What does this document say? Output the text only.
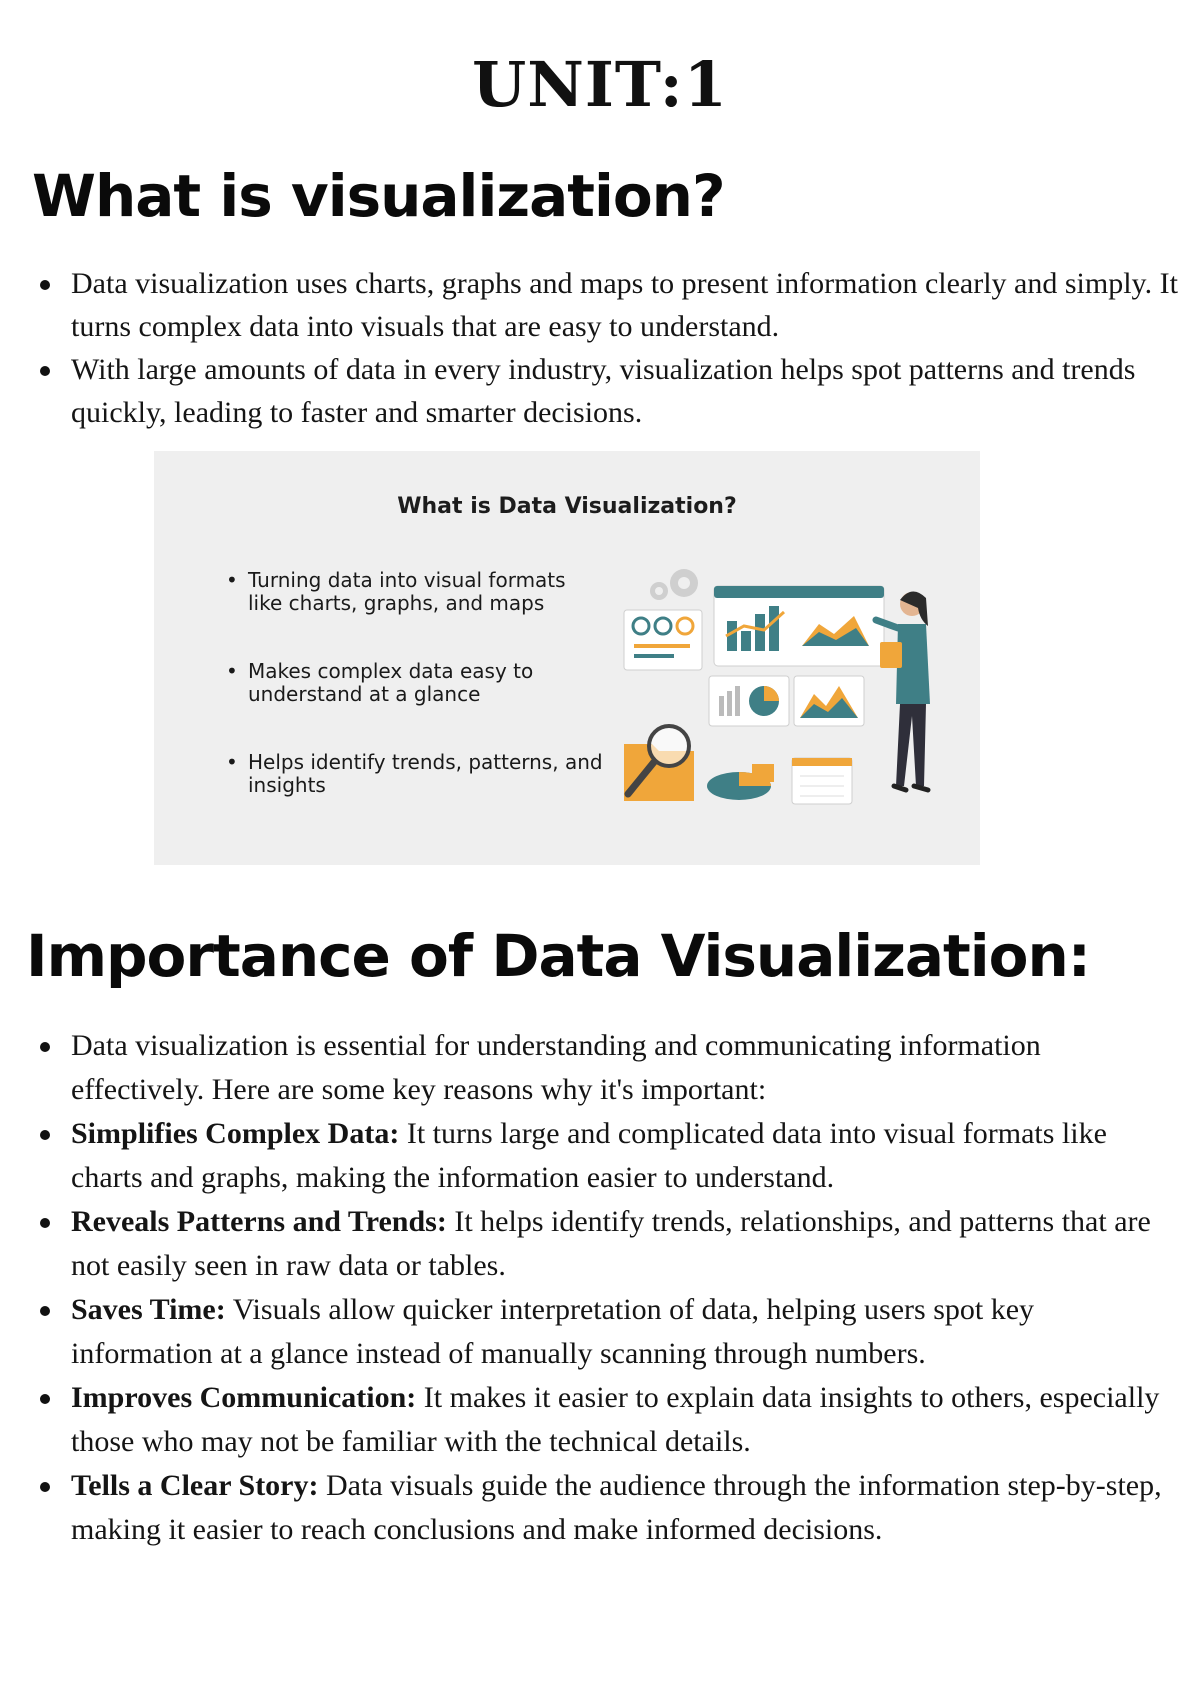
UNIT:1
What is visualization?
Data visualization uses charts, graphs and maps to present information clearly and simply. It turns complex data into visuals that are easy to understand.
With large amounts of data in every industry, visualization helps spot patterns and trends quickly, leading to faster and smarter decisions.
What is Data Visualization?
• Turning data into visual formats like charts, graphs, and maps
• Makes complex data easy to understand at a glance
• Helps identify trends, patterns, and insights
Importance of Data Visualization:
Data visualization is essential for understanding and communicating information effectively. Here are some key reasons why it's important:
Simplifies Complex Data: It turns large and complicated data into visual formats like charts and graphs, making the information easier to understand.
Reveals Patterns and Trends: It helps identify trends, relationships, and patterns that are not easily seen in raw data or tables.
Saves Time: Visuals allow quicker interpretation of data, helping users spot key information at a glance instead of manually scanning through numbers.
Improves Communication: It makes it easier to explain data insights to others, especially those who may not be familiar with the technical details.
Tells a Clear Story: Data visuals guide the audience through the information step-by-step, making it easier to reach conclusions and make informed decisions.
